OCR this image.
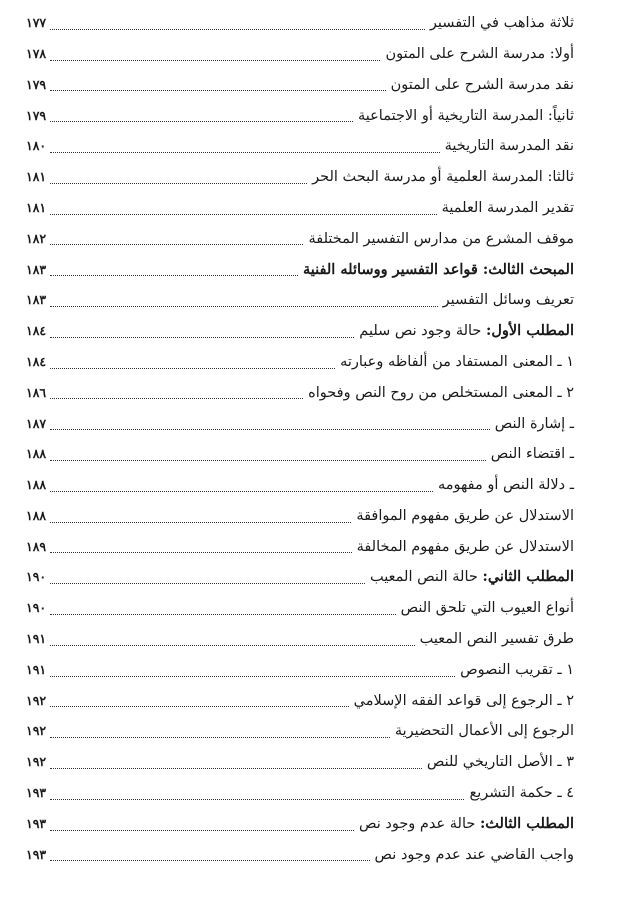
ثلاثة مذاهب في التفسير
١٧٧
أولا: مدرسة الشرح على المتون
١٧٨
نقد مدرسة الشرح على المتون
١٧٩
ثانياً: المدرسة التاريخية أو الاجتماعية
١٧٩
نقد المدرسة التاريخية
١٨٠
ثالثا: المدرسة العلمية أو مدرسة البحث الحر
١٨١
تقدير المدرسة العلمية
١٨١
موقف المشرع من مدارس التفسير المختلفة
١٨٢
المبحث الثالث: قواعد التفسير ووسائله الفنية
١٨٣
تعريف وسائل التفسير
١٨٣
المطلب الأول: حالة وجود نص سليم
١٨٤
١ ـ المعنى المستفاد من ألفاظه وعبارته
١٨٤
٢ ـ المعنى المستخلص من روح النص وفحواه
١٨٦
ـ إشارة النص
١٨٧
ـ اقتضاء النص
١٨٨
ـ دلالة النص أو مفهومه
١٨٨
الاستدلال عن طريق مفهوم الموافقة
١٨٨
الاستدلال عن طريق مفهوم المخالفة
١٨٩
المطلب الثاني: حالة النص المعيب
١٩٠
أنواع العيوب التي تلحق النص
١٩٠
طرق تفسير النص المعيب
١٩١
١ ـ تقريب النصوص
١٩١
٢ ـ الرجوع إلى قواعد الفقه الإسلامي
١٩٢
الرجوع إلى الأعمال التحضيرية
١٩٢
٣ ـ الأصل التاريخي للنص
١٩٢
٤ ـ حكمة التشريع
١٩٣
المطلب الثالث: حالة عدم وجود نص
١٩٣
واجب القاضي عند عدم وجود نص
١٩٣
